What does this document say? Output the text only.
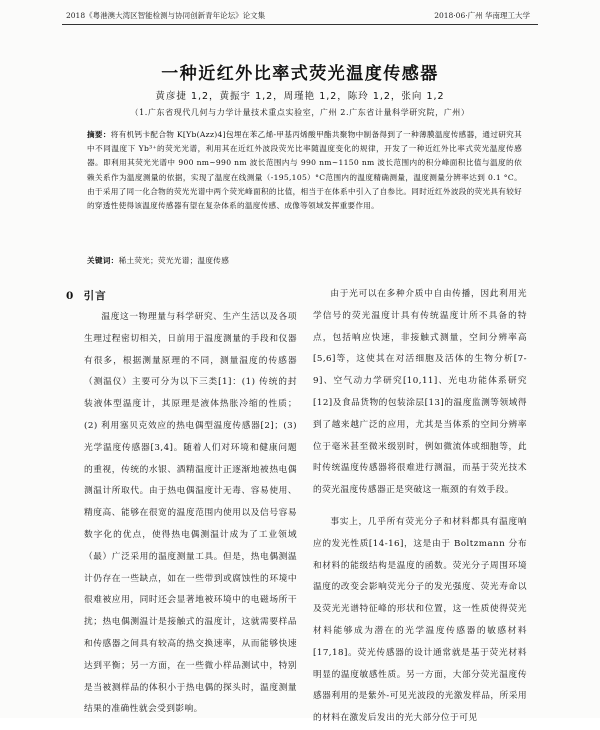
2018《粤港澳大湾区智能检测与协同创新青年论坛》论文集	2018·06·广州 华南理工大学
一种近红外比率式荧光温度传感器
黄彦捷 1,2，黄振宇 1,2，周瑾艳 1,2，陈玲 1,2，张向 1,2
（1.广东省现代几何与力学计量技术重点实验室，广州 2.广东省计量科学研究院，广州）
摘要：将有机钙卡配合物 K[Yb(Azz)4]包埋在苯乙烯-甲基丙烯酸甲酯共聚物中制备得到了一种薄膜温度传感器，通过研究其中不同温度下 Yb³⁺的荧光光谱，利用其在近红外波段荧光比率随温度变化的规律，开发了一种近红外比率式荧光温度传感器。即利用其荧光光谱中 900 nm~990 nm 波长范围内与 990 nm~1150 nm 波长范围内的积分峰面积比值与温度的依赖关系作为温度测量的依据，实现了温度在线测量（-195,105）°C范围内的温度精确测量，温度测量分辨率达到 0.1 °C。由于采用了同一化合物的荧光光谱中两个荧光峰面积的比值，相当于在体系中引入了自参比。同时近红外波段的荧光具有较好的穿透性使得该温度传感器有望在复杂体系的温度传感、成像等领域发挥重要作用。
关键词：稀土荧光；荧光光谱；温度传感
0 引言

温度这一物理量与科学研究、生产生活以及各项生理过程密切相关，日前用于温度测量的手段和仪器有很多，根据测量原理的不同，测量温度的传感器（测温仪）主要可分为以下三类[1]：(1) 传统的封装液体型温度计，其原理是液体热胀冷缩的性质；(2) 利用塞贝克效应的热电偶型温度传感器[2]；(3) 光学温度传感器[3,4]。随着人们对环境和健康问题的重视，传统的水银、酒精温度计正逐渐地被热电偶测温计所取代。由于热电偶温度计无毒、容易使用、精度高、能够在很宽的温度范围内使用以及信号容易数字化的优点，使得热电偶测温计成为了工业领域（最）广泛采用的温度测量工具。但是，热电偶测温计仍存在一些缺点，如在一些带到或腐蚀性的环境中很难被应用，同时还会显著地被环境中的电磁场所干扰；热电偶测温计是接触式的温度计，这就需要样品和传感器之间具有较高的热交换速率，从而能够快速达到平衡；另一方面，在一些微小样品测试中，特别是当被测样品的体积小于热电偶的探头时，温度测量结果的准确性就会受到影响。

由于光可以在多种介质中自由传播，因此利用光学信号的荧光温度计具有传统温度计所不具备的特点，包括响应快速，非接触式测量，空间分辨率高[5,6]等，这使其在对活细胞及活体的生物分析[7-9]、空气动力学研究[10,11]、光电功能体系研究[12]及食品货物的包装涂层[13]的温度监测等领域得到了越来越广泛的应用，尤其是当体系的空间分辨率位于毫米甚至微米级别时，例如微流体或细胞等，此时传统温度传感器将很难进行测温，而基于荧光技术的荧光温度传感器正是突破这一瓶颈的有效手段。

事实上，几乎所有荧光分子和材料都具有温度响应的发光性质[14-16]，这是由于 Boltzmann 分布和材料的能级结构是温度的函数。荧光分子周围环境温度的改变会影响荧光分子的发光强度、荧光寿命以及荧光光谱特征峰的形状和位置，这一性质使得荧光材料能够成为潜在的光学温度传感器的敏感材料[17,18]。荧光传感器的设计通常就是基于荧光材料明显的温度敏感性质。另一方面，大部分荧光温度传感器利用的是紫外-可见光波段的光激发样品，所采用的材料在激发后发出的光大部分位于可见
